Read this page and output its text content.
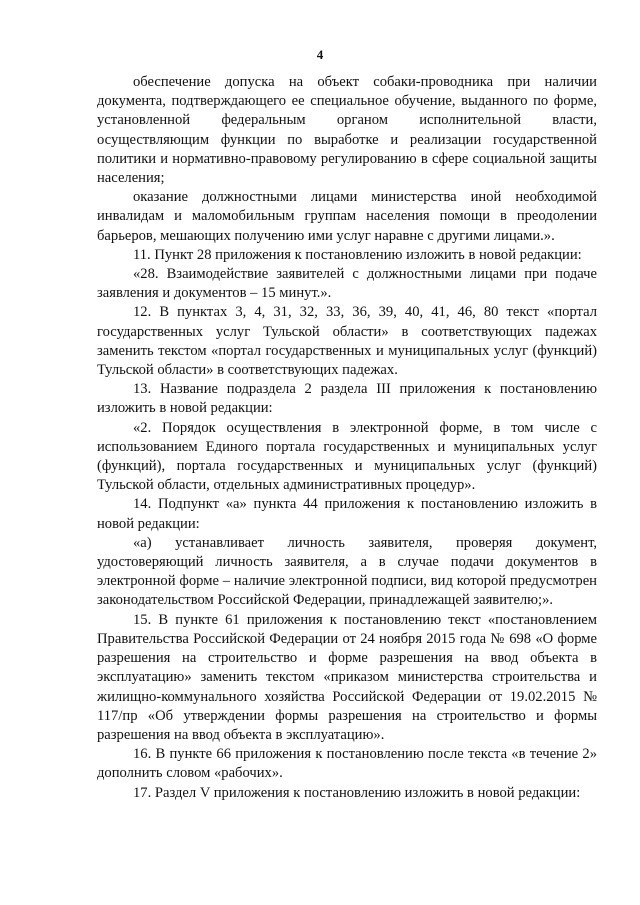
4

обеспечение допуска на объект собаки-проводника при наличии документа, подтверждающего ее специальное обучение, выданного по форме, установленной федеральным органом исполнительной власти, осуществляющим функции по выработке и реализации государственной политики и нормативно-правовому регулированию в сфере социальной защиты населения;

оказание должностными лицами министерства иной необходимой инвалидам и маломобильным группам населения помощи в преодолении барьеров, мешающих получению ими услуг наравне с другими лицами.».

11. Пункт 28 приложения к постановлению изложить в новой редакции:

«28. Взаимодействие заявителей с должностными лицами при подаче заявления и документов – 15 минут.».

12. В пунктах 3, 4, 31, 32, 33, 36, 39, 40, 41, 46, 80 текст «портал государственных услуг Тульской области» в соответствующих падежах заменить текстом «портал государственных и муниципальных услуг (функций) Тульской области» в соответствующих падежах.

13. Название подраздела 2 раздела III приложения к постановлению изложить в новой редакции:

«2. Порядок осуществления в электронной форме, в том числе с использованием Единого портала государственных и муниципальных услуг (функций), портала государственных и муниципальных услуг (функций) Тульской области, отдельных административных процедур».

14. Подпункт «а» пункта 44 приложения к постановлению изложить в новой редакции:

«а) устанавливает личность заявителя, проверяя документ, удостоверяющий личность заявителя, а в случае подачи документов в электронной форме – наличие электронной подписи, вид которой предусмотрен законодательством Российской Федерации, принадлежащей заявителю;».

15. В пункте 61 приложения к постановлению текст «постановлением Правительства Российской Федерации от 24 ноября 2015 года № 698 «О форме разрешения на строительство и форме разрешения на ввод объекта в эксплуатацию» заменить текстом «приказом министерства строительства и жилищно-коммунального хозяйства Российской Федерации от 19.02.2015 № 117/пр «Об утверждении формы разрешения на строительство и формы разрешения на ввод объекта в эксплуатацию».

16. В пункте 66 приложения к постановлению после текста «в течение 2» дополнить словом «рабочих».

17. Раздел V приложения к постановлению изложить в новой редакции:
